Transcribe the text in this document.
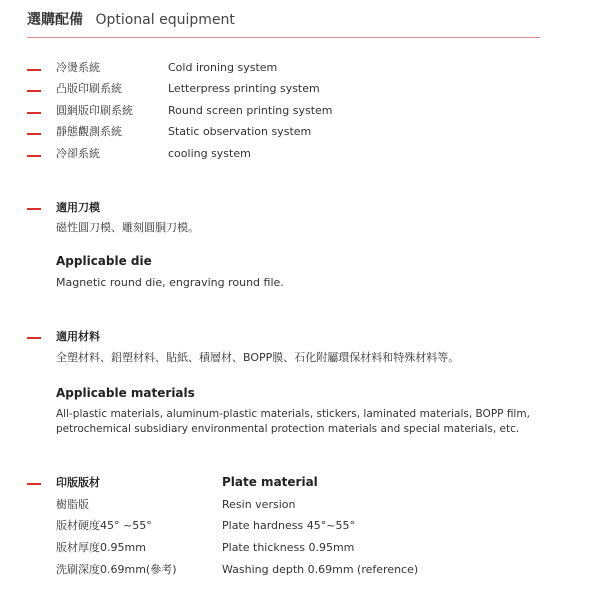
選購配備 Optional equipment
冷燙系統	Cold ironing system
凸版印刷系統	Letterpress printing system
圓網版印刷系統	Round screen printing system
靜態觀測系統	Static observation system
冷卻系統	cooling system
適用刀模
磁性圓刀模、雕刻圓胴刀模。
Applicable die
Magnetic round die, engraving round file.
適用材料
全塑材料、鋁塑材料、貼紙、積層材、BOPP膜、石化附屬環保材料和特殊材料等。
Applicable materials
All-plastic materials, aluminum-plastic materials, stickers, laminated materials, BOPP film,
petrochemical subsidiary environmental protection materials and special materials, etc.
印版版材	Plate material
樹脂版	Resin version
版材硬度45° ~55°	Plate hardness 45°~55°
版材厚度0.95mm	Plate thickness 0.95mm
洗刷深度0.69mm(參考)	Washing depth 0.69mm (reference)
